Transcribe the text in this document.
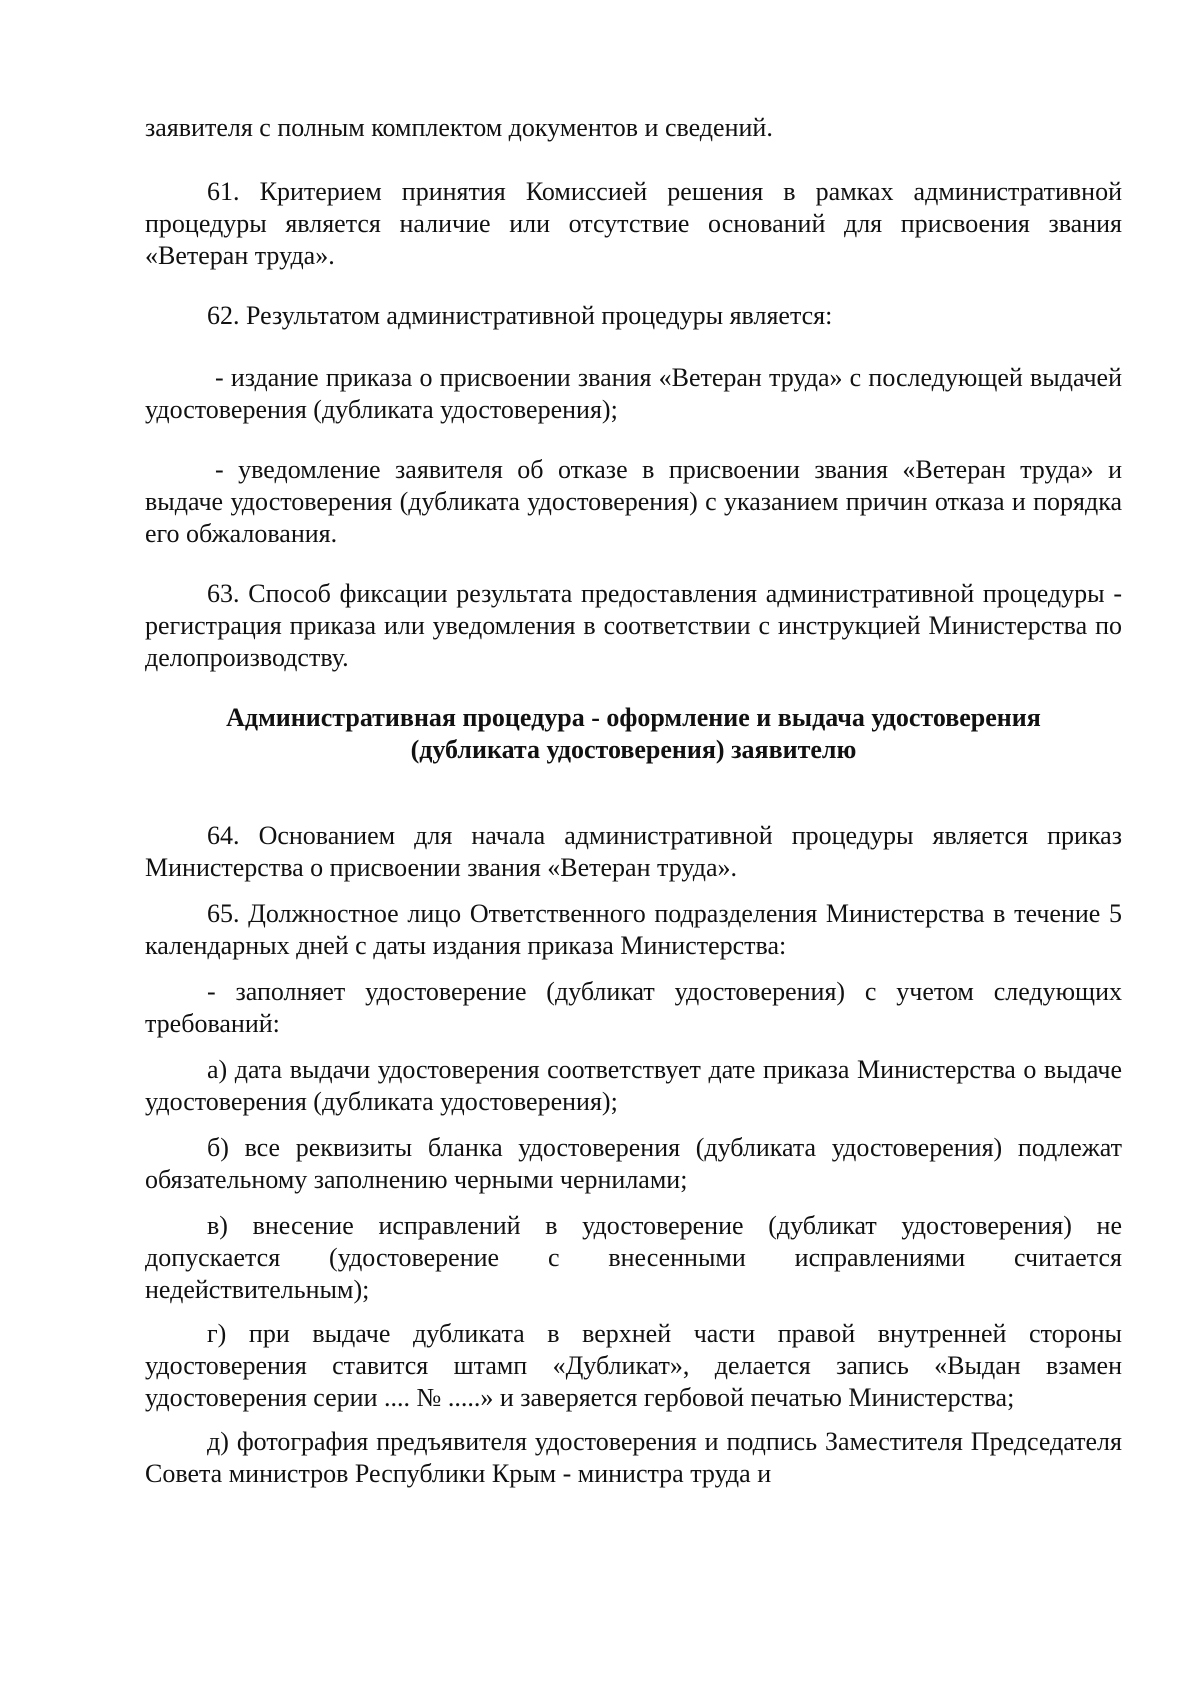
заявителя с полным комплектом документов и сведений.

61. Критерием принятия Комиссией решения в рамках административной процедуры является наличие или отсутствие оснований для присвоения звания «Ветеран труда».

62. Результатом административной процедуры является:

- издание приказа о присвоении звания «Ветеран труда» с последующей выдачей удостоверения (дубликата удостоверения);

- уведомление заявителя об отказе в присвоении звания «Ветеран труда» и выдаче удостоверения (дубликата удостоверения) с указанием причин отказа и порядка его обжалования.

63. Способ фиксации результата предоставления административной процедуры - регистрация приказа или уведомления в соответствии с инструкцией Министерства по делопроизводству.

Административная процедура - оформление и выдача удостоверения

(дубликата удостоверения) заявителю

64. Основанием для начала административной процедуры является приказ Министерства о присвоении звания «Ветеран труда».

65. Должностное лицо Ответственного подразделения Министерства в течение 5 календарных дней с даты издания приказа Министерства:

- заполняет удостоверение (дубликат удостоверения) с учетом следующих требований:

а) дата выдачи удостоверения соответствует дате приказа Министерства о выдаче удостоверения (дубликата удостоверения);

б) все реквизиты бланка удостоверения (дубликата удостоверения) подлежат обязательному заполнению черными чернилами;

в) внесение исправлений в удостоверение (дубликат удостоверения) не допускается (удостоверение с внесенными исправлениями считается недействительным);

г) при выдаче дубликата в верхней части правой внутренней стороны удостоверения ставится штамп «Дубликат», делается запись «Выдан взамен удостоверения серии .... № .....» и заверяется гербовой печатью Министерства;

д) фотография предъявителя удостоверения и подпись Заместителя Председателя Совета министров Республики Крым - министра труда и
